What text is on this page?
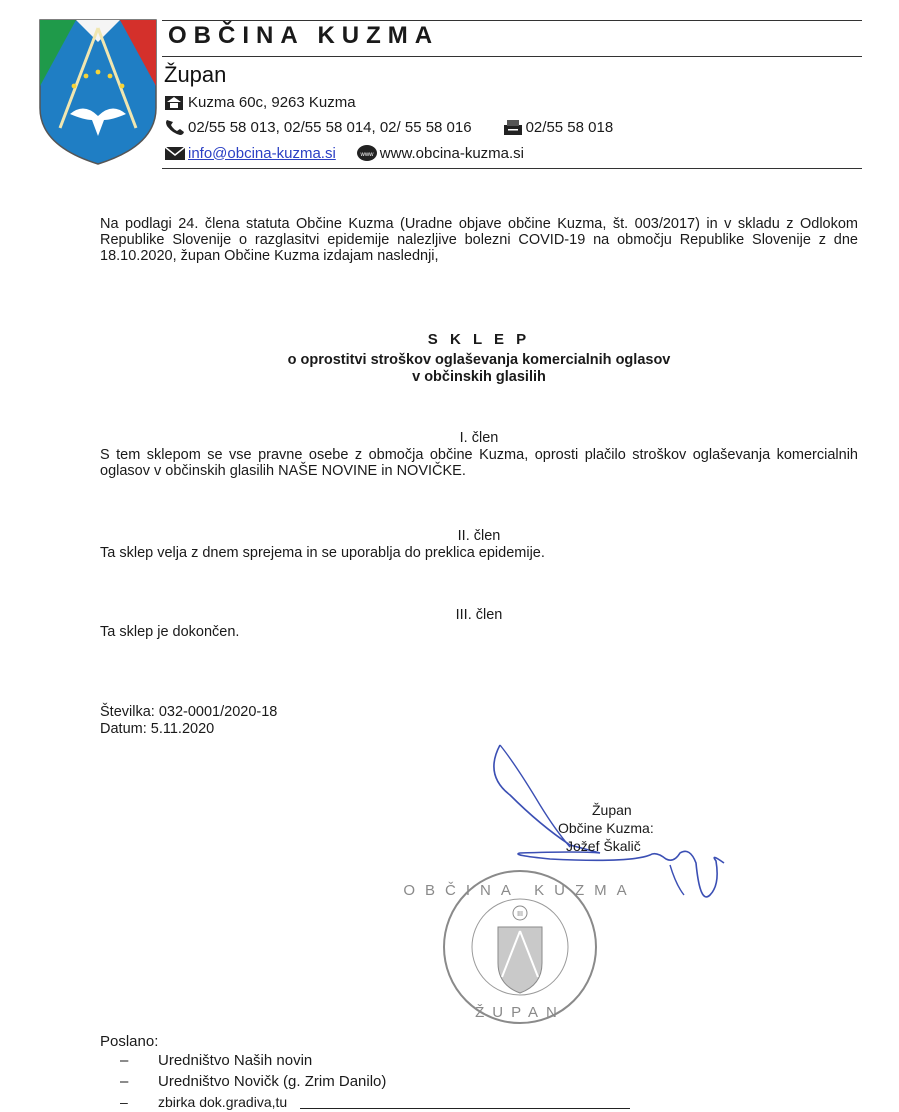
OBČINA KUZMA
Župan
Kuzma 60c, 9263 Kuzma
02/55 58 013, 02/55 58 014, 02/ 55 58 016	02/55 58 018
info@obcina-kuzma.si	www www.obcina-kuzma.si
Na podlagi 24. člena statuta Občine Kuzma (Uradne objave občine Kuzma, št. 003/2017) in v skladu z Odlokom Republike Slovenije o razglasitvi epidemije nalezljive bolezni COVID-19 na območju Republike Slovenije z dne 18.10.2020, župan Občine Kuzma izdajam naslednji,
S K L E P
o oprostitvi stroškov oglaševanja komercialnih oglasov
v občinskih glasilih
I. člen
S tem sklepom se vse pravne osebe z območja občine Kuzma, oprosti plačilo stroškov oglaševanja komercialnih oglasov v občinskih glasilih NAŠE NOVINE in NOVIČKE.
II. člen
Ta sklep velja z dnem sprejema in se uporablja do preklica epidemije.
III. člen
Ta sklep je dokončen.
Številka: 032-0001/2020-18
Datum: 5.11.2020
Župan
Občine Kuzma:
Jožef Škalič
III
OBČINA KUZMA
ŽUPAN
Poslano:
– Uredništvo Naših novin
– Uredništvo Novičk (g. Zrim Danilo)
– zbirka dok.gradiva,tu
